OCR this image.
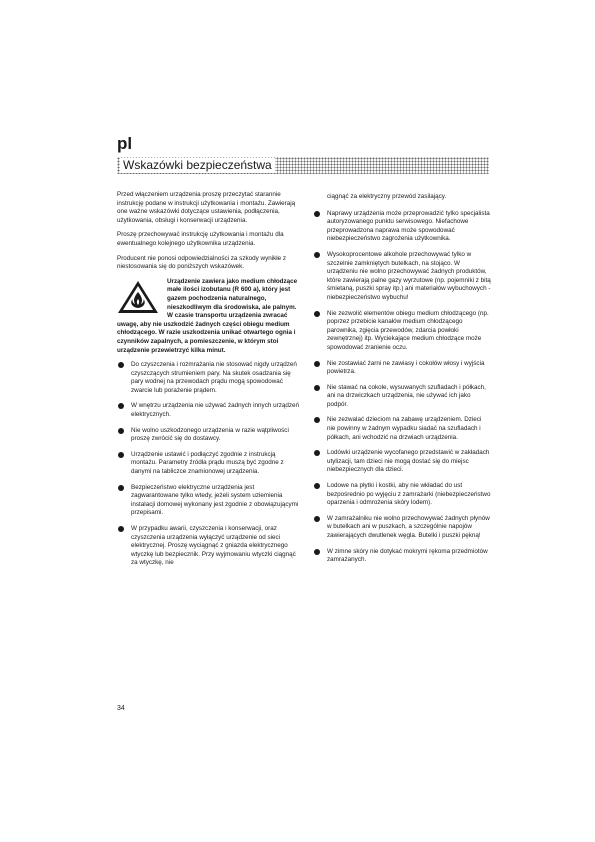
pl
Wskazówki bezpieczeństwa

Przed włączeniem urządzenia proszę przeczytać starannie instrukcję podane w instrukcji użytkowania i montażu. Zawierają one ważne wskazówki dotyczące ustawienia, podłączenia, użytkowania, obsługi i konserwacji urządzenia.

Proszę przechowywać instrukcję użytkowania i montażu dla ewentualnego kolejnego użytkownika urządzenia.

Producent nie ponosi odpowiedzialności za szkody wynikłe z niestosowania się do poniższych wskazówek.

Urządzenie zawiera jako medium chłodzące małe ilości izobutanu (R 600 a), który jest gazem pochodzenia naturalnego, nieszkodliwym dla środowiska, ale palnym. W czasie transportu urządzenia zwracać uwagę, aby nie uszkodzić żadnych części obiegu medium chłodzącego. W razie uszkodzenia unikać otwartego ognia i czynników zapalnych, a pomieszczenie, w którym stoi urządzenie przewietrzyć kilka minut.

Do czyszczenia i rozmrażania nie stosować nigdy urządzeń czyszczących strumieniem pary. Na skutek osadzania się pary wodnej na przewodach prądu mogą spowodować zwarcie lub porażenie prądem.
W wnętrzu urządzenia nie używać żadnych innych urządzeń elektrycznych.
Nie wolno uszkodzonego urządzenia w razie wątpliwości proszę zwrócić się do dostawcy.
Urządzenie ustawić i podłączyć zgodnie z instrukcją montażu. Parametry źródła prądu muszą być zgodne z danymi na tabliczce znamionowej urządzenia.
Bezpieczeństwo elektryczne urządzenia jest zagwarantowane tylko wtedy, jeżeli system uziemienia instalacji domowej wykonany jest zgodnie z obowiązującymi przepisami.
W przypadku awarii, czyszczenia i konserwacji, oraz czyszczenia urządzenia wyłączyć urządzenie od sieci elektrycznej. Proszę wyciągnąć z gniazda elektrycznego wtyczkę lub bezpiecznik. Przy wyjmowaniu wtyczki ciągnąć za wtyczkę, nie

ciągnąć za elektryczny przewód zasilający.

Naprawy urządzenia może przeprowadzić tylko specjalista autoryzowanego punktu serwisowego. Niefachowe przeprowadzona naprawa może spowodować niebezpieczeństwo zagrożenia użytkownika.
Wysokoprocentowe alkohole przechowywać tylko w szczelnie zamkniętych butelkach, na stojąco. W urządzeniu nie wolno przechowywać żadnych produktów, które zawierają palne gazy wyrzutowe (np. pojemniki z bitą śmietaną, puszki spray itp.) ani materiałów wybuchowych - niebezpieczeństwo wybuchu!
Nie zezwolić elementów obiegu medium chłodzącego (np. poprzez przebicie kanałów medium chłodzącego parownika, zgięcia przewodów, zdarcia powłoki zewnętrznej) itp. Wyciekające medium chłodzące może spowodować zranienie oczu.
Nie zostawiać żarni ne zawiasy i cokołów włosy i wyjścia powietrza.
Nie stawać na cokole, wysuwanych szufladach i półkach, ani na drzwiczkach urządzenia, nie używać ich jako podpór.
Nie zezwalać dzieciom na zabawę urządzeniem. Dzieci nie powinny w żadnym wypadku siadać na szufladach i półkach, ani wchodzić na drzwiach urządzenia.
Lodówki urządzenie wycofanego przedstawić w zakładach utylizacji, tam dzieci nie mogą dostać się do miejsc niebezpiecznych dla dzieci.
Lodowe na płytki i kostki, aby nie wkładać do ust bezpośrednio po wyjęciu z zamrażarki (niebezpieczeństwo oparzenia i odmrożenia skóry lodem).
W zamrażalniku nie wolno przechowywać żadnych płynów w butelkach ani w puszkach, a szczególnie napojów zawierających dwutlenek węgla. Butelki i puszki pękną!
W zimne skóry nie dotykać mokrymi rękoma przedmiotów zamrażanych.
34
